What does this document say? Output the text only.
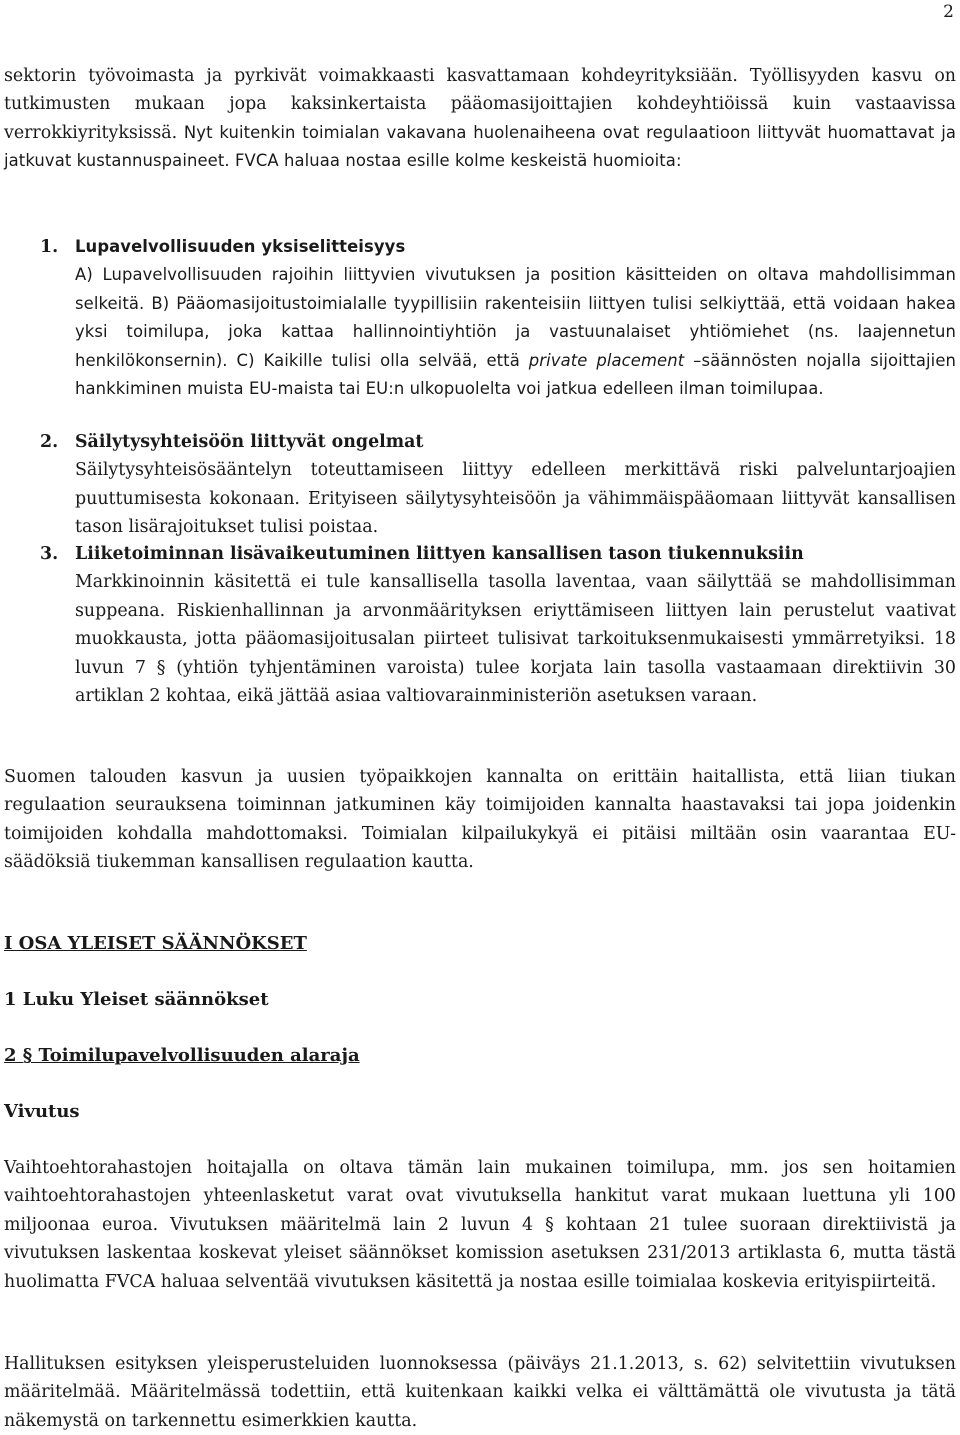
2
sektorin työvoimasta ja pyrkivät voimakkaasti kasvattamaan kohdeyrityksiään. Työllisyyden kasvu on tutkimusten mukaan jopa kaksinkertaista pääomasijoittajien kohdeyhtiöissä kuin vastaavissa verrokkiyrityksissä. Nyt kuitenkin toimialan vakavana huolenaiheena ovat regulaatioon liittyvät huomattavat ja jatkuvat kustannuspaineet. FVCA haluaa nostaa esille kolme keskeistä huomioita:
1. Lupavelvollisuuden yksiselitteisyys
A) Lupavelvollisuuden rajoihin liittyvien vivutuksen ja position käsitteiden on oltava mahdollisimman selkeitä. B) Pääomasijoitustoimialalle tyypillisiin rakenteisiin liittyen tulisi selkiyttää, että voidaan hakea yksi toimilupa, joka kattaa hallinnointiyhtiön ja vastuunalaiset yhtiömiehet (ns. laajennetun henkilökonsernin). C) Kaikille tulisi olla selvää, että private placement –säännösten nojalla sijoittajien hankkiminen muista EU-maista tai EU:n ulkopuolelta voi jatkua edelleen ilman toimilupaa.
2. Säilytysyhteisöön liittyvät ongelmat
Säilytysyhteisösääntelyn toteuttamiseen liittyy edelleen merkittävä riski palveluntarjoajien puuttumisesta kokonaan. Erityiseen säilytysyhteisöön ja vähimmäispääomaan liittyvät kansallisen tason lisärajoitukset tulisi poistaa.
3. Liiketoiminnan lisävaikeutuminen liittyen kansallisen tason tiukennuksiin
Markkinoinnin käsitettä ei tule kansallisella tasolla laventaa, vaan säilyttää se mahdollisimman suppeana. Riskienhallinnan ja arvonmäärityksen eriyttämiseen liittyen lain perustelut vaativat muokkausta, jotta pääomasijoitusalan piirteet tulisivat tarkoituksenmukaisesti ymmärretyiksi. 18 luvun 7 § (yhtiön tyhjentäminen varoista) tulee korjata lain tasolla vastaamaan direktiivin 30 artiklan 2 kohtaa, eikä jättää asiaa valtiovarainministeriön asetuksen varaan.
Suomen talouden kasvun ja uusien työpaikkojen kannalta on erittäin haitallista, että liian tiukan regulaation seurauksena toiminnan jatkuminen käy toimijoiden kannalta haastavaksi tai jopa joidenkin toimijoiden kohdalla mahdottomaksi. Toimialan kilpailukykyä ei pitäisi miltään osin vaarantaa EU-säädöksiä tiukemman kansallisen regulaation kautta.
I OSA YLEISET SÄÄNNÖKSET
1 Luku Yleiset säännökset
2 § Toimilupavelvollisuuden alaraja
Vivutus
Vaihtoehtorahastojen hoitajalla on oltava tämän lain mukainen toimilupa, mm. jos sen hoitamien vaihtoehtorahastojen yhteenlasketut varat ovat vivutuksella hankitut varat mukaan luettuna yli 100 miljoonaa euroa. Vivutuksen määritelmä lain 2 luvun 4 § kohtaan 21 tulee suoraan direktiivistä ja vivutuksen laskentaa koskevat yleiset säännökset komission asetuksen 231/2013 artiklasta 6, mutta tästä huolimatta FVCA haluaa selventää vivutuksen käsitettä ja nostaa esille toimialaa koskevia erityispiirteitä.
Hallituksen esityksen yleisperusteluiden luonnoksessa (päiväys 21.1.2013, s. 62) selvitettiin vivutuksen määritelmää. Määritelmässä todettiin, että kuitenkaan kaikki velka ei välttämättä ole vivutusta ja tätä näkemystä on tarkennettu esimerkkien kautta.
